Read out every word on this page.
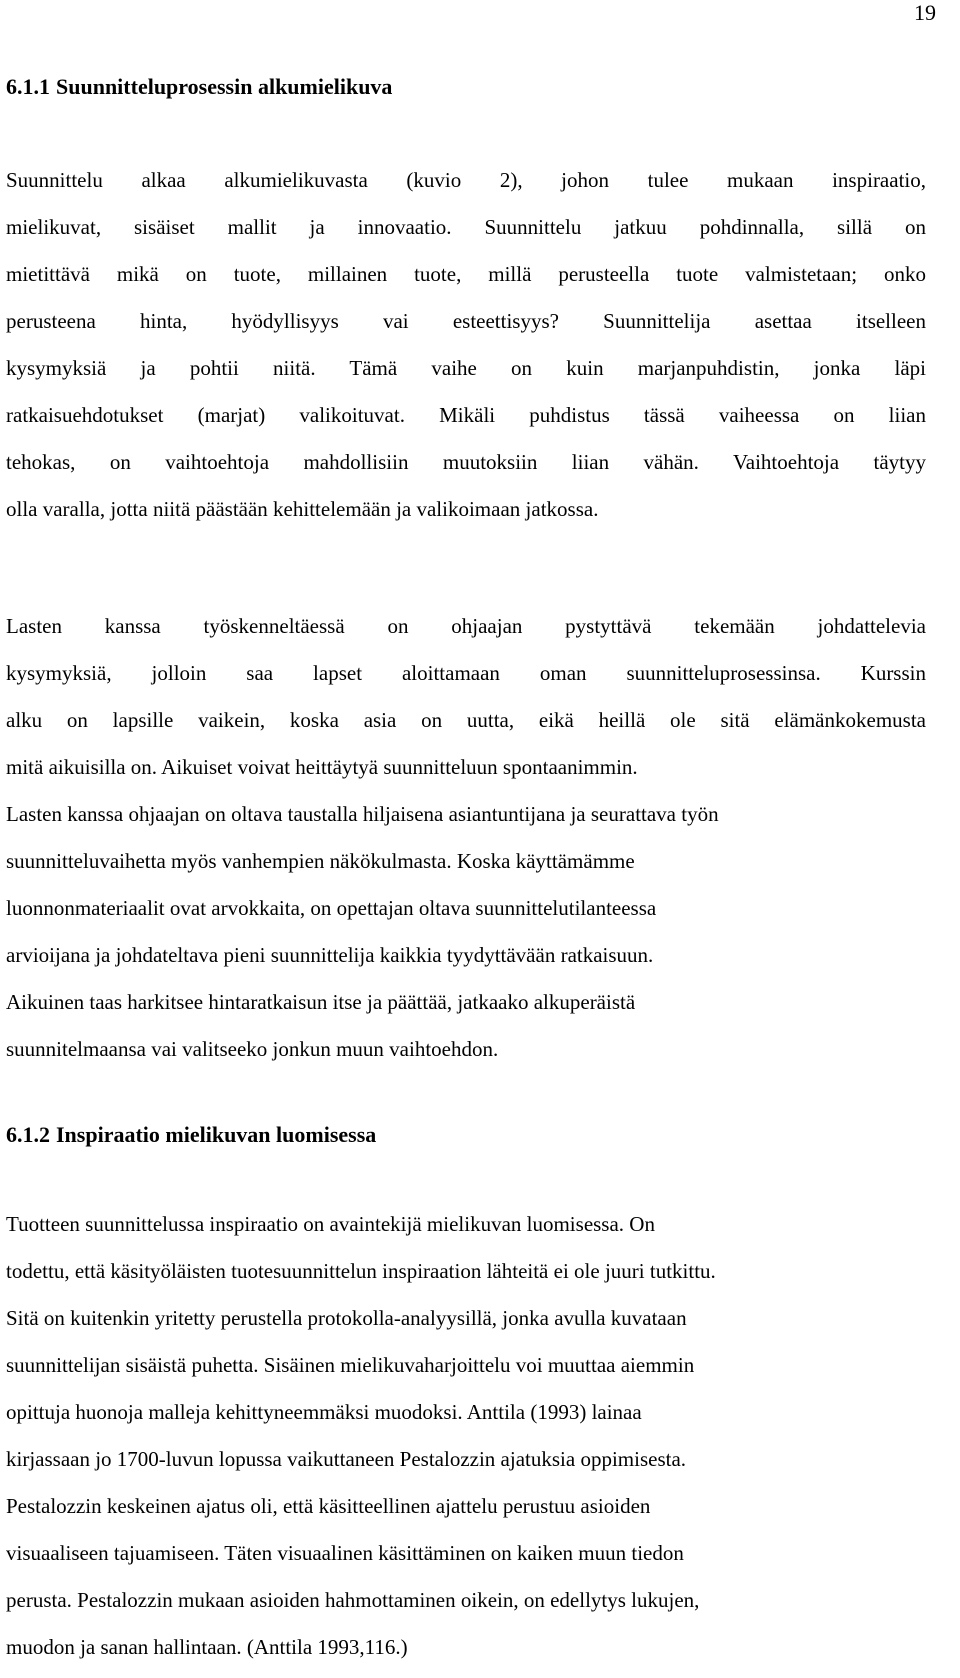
19
6.1.1 Suunnitteluprosessin alkumielikuva
Suunnittelu alkaa alkumielikuvasta (kuvio 2), johon tulee mukaan inspiraatio,
mielikuvat, sisäiset mallit ja innovaatio. Suunnittelu jatkuu pohdinnalla, sillä on
mietittävä mikä on tuote, millainen tuote, millä perusteella tuote valmistetaan; onko
perusteena hinta, hyödyllisyys vai esteettisyys? Suunnittelija asettaa itselleen
kysymyksiä ja pohtii niitä. Tämä vaihe on kuin marjanpuhdistin, jonka läpi
ratkaisuehdotukset (marjat) valikoituvat. Mikäli puhdistus tässä vaiheessa on liian
tehokas, on vaihtoehtoja mahdollisiin muutoksiin liian vähän. Vaihtoehtoja täytyy
olla varalla, jotta niitä päästään kehittelemään ja valikoimaan jatkossa.
Lasten kanssa työskenneltäessä on ohjaajan pystyttävä tekemään johdattelevia
kysymyksiä, jolloin saa lapset aloittamaan oman suunnitteluprosessinsa. Kurssin
alku on lapsille vaikein, koska asia on uutta, eikä heillä ole sitä elämänkokemusta
mitä aikuisilla on. Aikuiset voivat heittäytyä suunnitteluun spontaanimmin.
Lasten kanssa ohjaajan on oltava taustalla hiljaisena asiantuntijana ja seurattava työn
suunnitteluvaihetta myös vanhempien näkökulmasta. Koska käyttämämme
luonnonmateriaalit ovat arvokkaita, on opettajan oltava suunnittelutilanteessa
arvioijana ja johdateltava pieni suunnittelija kaikkia tyydyttävään ratkaisuun.
Aikuinen taas harkitsee hintaratkaisun itse ja päättää, jatkaako alkuperäistä
suunnitelmaansa vai valitseeko jonkun muun vaihtoehdon.
6.1.2 Inspiraatio mielikuvan luomisessa
Tuotteen suunnittelussa inspiraatio on avaintekijä mielikuvan luomisessa. On
todettu, että käsityöläisten tuotesuunnittelun inspiraation lähteitä ei ole juuri tutkittu.
Sitä on kuitenkin yritetty perustella protokolla-analyysillä, jonka avulla kuvataan
suunnittelijan sisäistä puhetta. Sisäinen mielikuvaharjoittelu voi muuttaa aiemmin
opittuja huonoja malleja kehittyneemmäksi muodoksi. Anttila (1993) lainaa
kirjassaan jo 1700-luvun lopussa vaikuttaneen Pestalozzin ajatuksia oppimisesta.
Pestalozzin keskeinen ajatus oli, että käsitteellinen ajattelu perustuu asioiden
visuaaliseen tajuamiseen. Täten visuaalinen käsittäminen on kaiken muun tiedon
perusta. Pestalozzin mukaan asioiden hahmottaminen oikein, on edellytys lukujen,
muodon ja sanan hallintaan. (Anttila 1993,116.)
